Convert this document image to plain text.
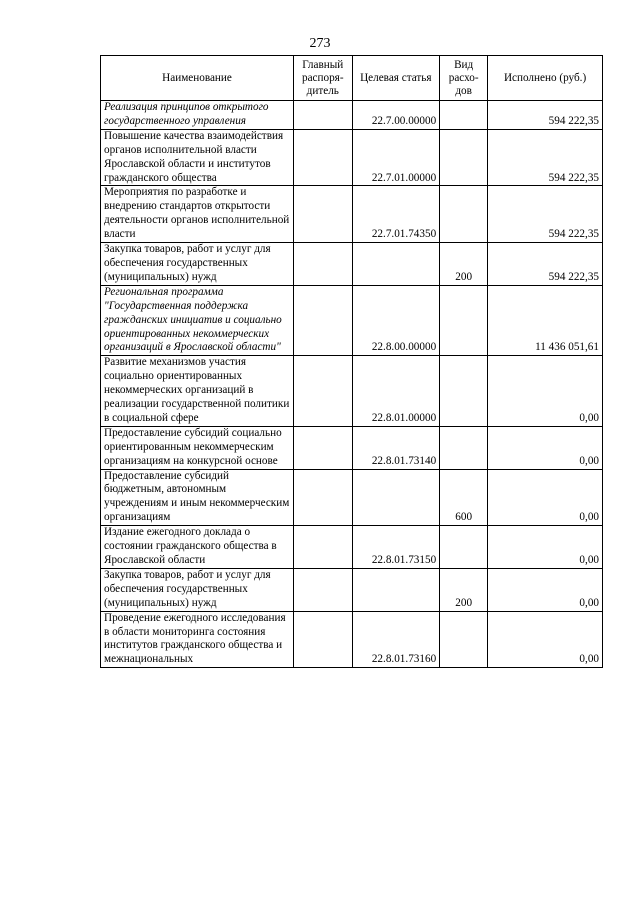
273
Наименование	Главный распоря-дитель	Целевая статья	Вид расхо-дов	Исполнено (руб.)
Реализация принципов открытого государственного управления		22.7.00.00000		594 222,35
Повышение качества взаимодействия органов исполнительной власти Ярославской области и институтов гражданского общества		22.7.01.00000		594 222,35
Мероприятия по разработке и внедрению стандартов открытости деятельности органов исполнительной власти		22.7.01.74350		594 222,35
Закупка товаров, работ и услуг для обеспечения государственных (муниципальных) нужд			200	594 222,35
Региональная программа "Государственная поддержка гражданских инициатив и социально ориентированных некоммерческих организаций в Ярославской области"		22.8.00.00000		11 436 051,61
Развитие механизмов участия социально ориентированных некоммерческих организаций в реализации государственной политики в социальной сфере		22.8.01.00000		0,00
Предоставление субсидий социально ориентированным некоммерческим организациям на конкурсной основе		22.8.01.73140		0,00
Предоставление субсидий бюджетным, автономным учреждениям и иным некоммерческим организациям			600	0,00
Издание ежегодного доклада о состоянии гражданского общества в Ярославской области		22.8.01.73150		0,00
Закупка товаров, работ и услуг для обеспечения государственных (муниципальных) нужд			200	0,00
Проведение ежегодного исследования в области мониторинга состояния институтов гражданского общества и межнациональных		22.8.01.73160		0,00
